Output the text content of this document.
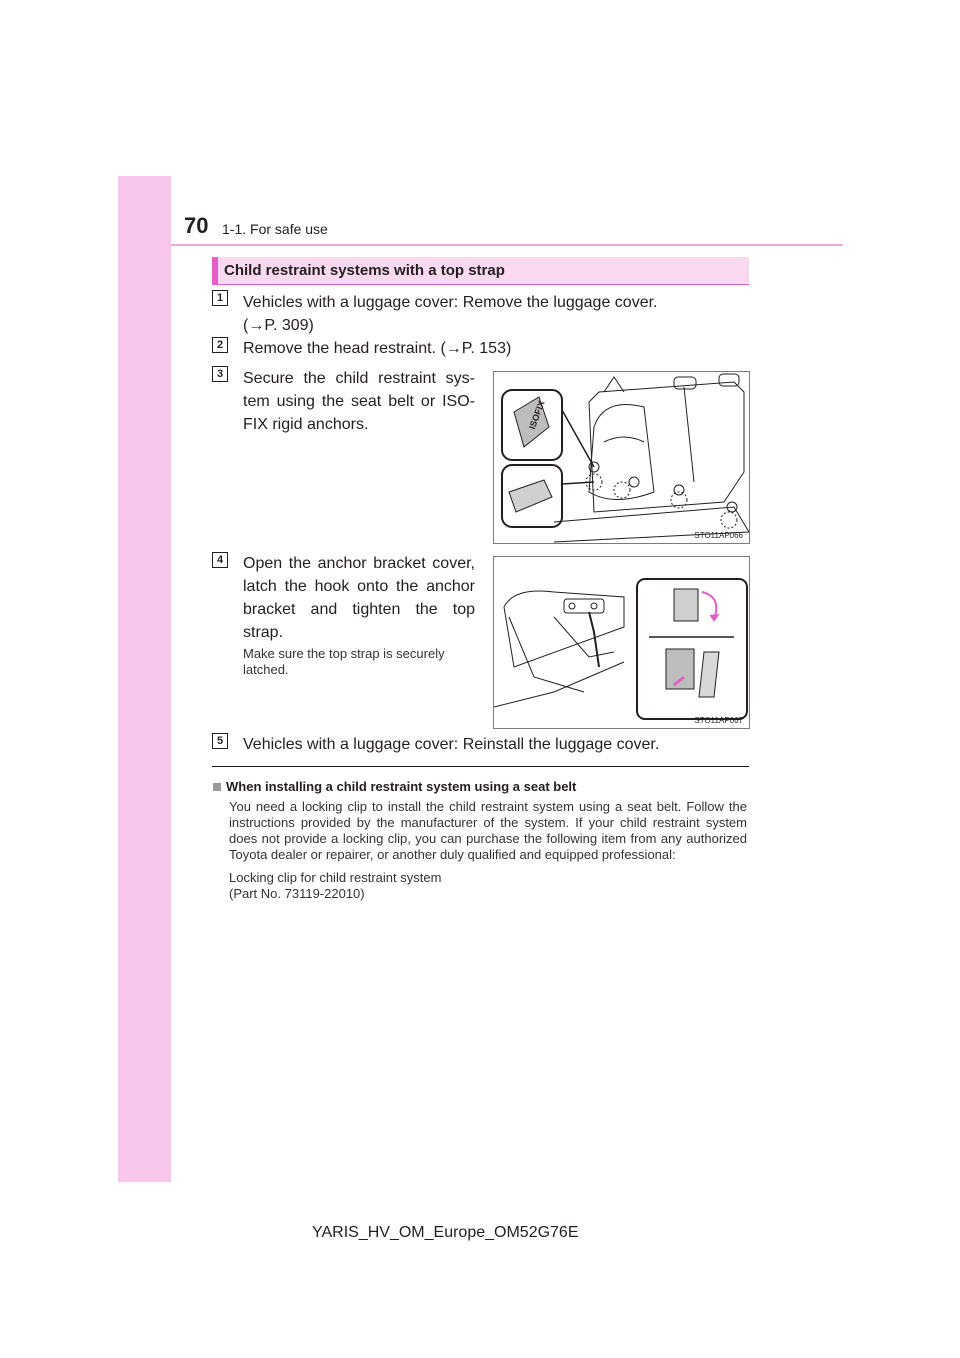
70 1-1. For safe use
Child restraint systems with a top strap
1	Vehicles with a luggage cover: Remove the luggage cover.
(→P. 309)
2	Remove the head restraint. (→P. 153)
3	Secure the child restraint sys-
tem using the seat belt or ISO-
FIX rigid anchors.	ISOFIX
STO11AP066
4	Open the anchor bracket cover,
latch the hook onto the anchor
bracket and tighten the top
strap.
Make sure the top strap is securely
latched.
STO11AP067
5	Vehicles with a luggage cover: Reinstall the luggage cover.
When installing a child restraint system using a seat belt

You need a locking clip to install the child restraint system using a seat belt. Follow the instructions provided by the manufacturer of the system. If your child restraint system does not provide a locking clip, you can purchase the following item from any authorized Toyota dealer or repairer, or another duly qualified and equipped professional:

Locking clip for child restraint system
(Part No. 73119-22010)
YARIS_HV_OM_Europe_OM52G76E
